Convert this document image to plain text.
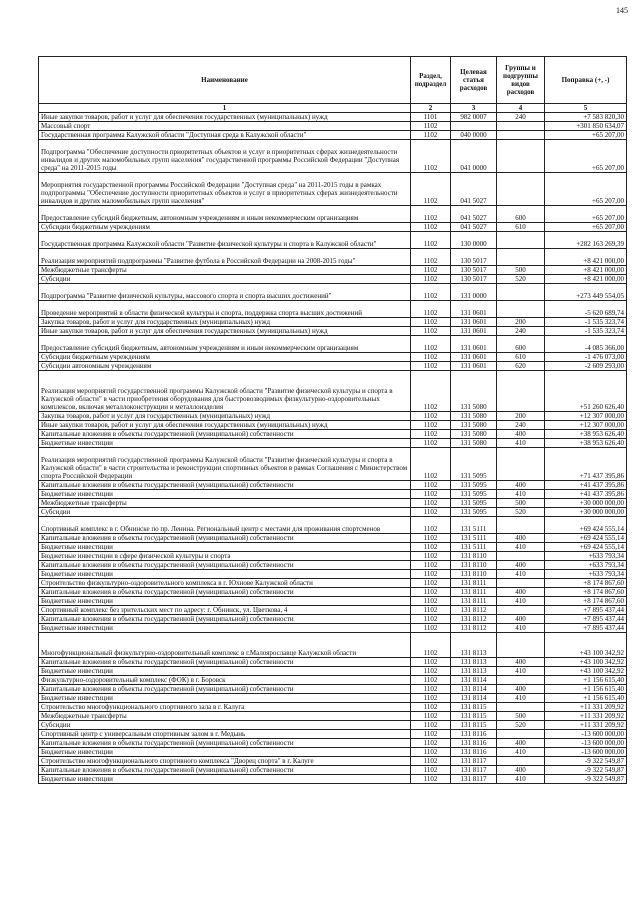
145
Наименование	Раздел, подраздел	Целевая статья расходов	Группы и подгруппы видов расходов	Поправка (+, -)
1	2	3	4	5
Иные закупки товаров, работ и услуг для обеспечения государственных (муниципальных) нужд	1101	982 0007	240	+7 583 820,30
Массовый спорт	1102			+301 850 634,07
Государственная программа Калужской области "Доступная среда в Калужской области"	1102	040 0000		+65 207,00
Подпрограмма "Обеспечение доступности приоритетных объектов и услуг в приоритетных сферах жизнедеятельности инвалидов и других маломобильных групп населения" государственной программы Российской Федерации "Доступная среда" на 2011-2015 годы	1102	041 0000		+65 207,00
Мероприятия государственной программы Российской Федерации "Доступная среда" на 2011-2015 годы в рамках подпрограммы "Обеспечение доступности приоритетных объектов и услуг в приоритетных сферах жизнедеятельности инвалидов и других маломобильных групп населения"	1102	041 5027		+65 207,00
Предоставление субсидий бюджетным, автономным учреждениям и иным некоммерческим организациям	1102	041 5027	600	+65 207,00
Субсидии бюджетным учреждениям	1102	041 5027	610	+65 207,00
Государственная программа Калужской области "Развитие физической культуры и спорта в Калужской области"	1102	130 0000		+282 163 269,39
Реализация мероприятий подпрограммы "Развитие футбола в Российской Федерации на 2008-2015 годы"	1102	130 5017		+8 421 000,00
Межбюджетные трансферты	1102	130 5017	500	+8 421 000,00
Субсидии	1102	130 5017	520	+8 421 000,00
Подпрограмма "Развитие физической культуры, массового спорта и спорта высших достижений"	1102	131 0000		+273 449 554,05
Проведение мероприятий в области физической культуры и спорта, поддержка спорта высших достижений	1102	131 0601		-5 620 689,74
Закупка товаров, работ и услуг для государственных (муниципальных) нужд	1102	131 0601	200	-1 535 323,74
Иные закупки товаров, работ и услуг для обеспечения государственных (муниципальных) нужд	1102	131 0601	240	-1 535 323,74
Предоставление субсидий бюджетным, автономным учреждениям и иным некоммерческим организациям	1102	131 0601	600	-4 085 366,00
Субсидии бюджетным учреждениям	1102	131 0601	610	-1 476 073,00
Субсидии автономным учреждениям	1102	131 0601	620	-2 609 293,00
Реализация мероприятий государственной программы Калужской области "Развитие физической культуры и спорта в Калужской области" в части приобретения оборудования для быстровозводимых физкультурно-оздоровительных комплексов, включая металлоконструкции и металлоизделия	1102	131 5080		+51 260 626,40
Закупка товаров, работ и услуг для государственных (муниципальных) нужд	1102	131 5080	200	+12 307 000,00
Иные закупки товаров, работ и услуг для обеспечения государственных (муниципальных) нужд	1102	131 5080	240	+12 307 000,00
Капитальные вложения в объекты государственной (муниципальной) собственности	1102	131 5080	400	+38 953 626,40
Бюджетные инвестиции	1102	131 5080	410	+38 953 626,40
Реализация мероприятий государственной программы Калужской области "Развитие физической культуры и спорта в Калужской области" в части строительства и реконструкции спортивных объектов в рамках Соглашения с Министерством спорта Российской Федерации	1102	131 5095		+71 437 395,86
Капитальные вложения в объекты государственной (муниципальной) собственности	1102	131 5095	400	+41 437 395,86
Бюджетные инвестиции	1102	131 5095	410	+41 437 395,86
Межбюджетные трансферты	1102	131 5095	500	+30 000 000,00
Субсидии	1102	131 5095	520	+30 000 000,00
Спортивный комплекс в г. Обнинске по пр. Ленина. Региональный центр с местами для проживания спортсменов	1102	131 5111		+69 424 555,14
Капитальные вложения в объекты государственной (муниципальной) собственности	1102	131 5111	400	+69 424 555,14
Бюджетные инвестиции	1102	131 5111	410	+69 424 555,14
Бюджетные инвестиции в сфере физической культуры и спорта	1102	131 8110		+633 793,34
Капитальные вложения в объекты государственной (муниципальной) собственности	1102	131 8110	400	+633 793,34
Бюджетные инвестиции	1102	131 8110	410	+633 793,34
Строительство физкультурно-оздоровительного комплекса в г. Юхнове Калужской области	1102	131 8111		+8 174 867,60
Капитальные вложения в объекты государственной (муниципальной) собственности	1102	131 8111	400	+8 174 867,60
Бюджетные инвестиции	1102	131 8111	410	+8 174 867,60
Спортивный комплекс без зрительских мест по адресу: г. Обнинск, ул. Цветкова, 4	1102	131 8112		+7 895 437,44
Капитальные вложения в объекты государственной (муниципальной) собственности	1102	131 8112	400	+7 895 437,44
Бюджетные инвестиции	1102	131 8112	410	+7 895 437,44
Многофункциональный физкультурно-оздоровительный комплекс в г.Малоярославце Калужской области	1102	131 8113		+43 100 342,92
Капитальные вложения в объекты государственной (муниципальной) собственности	1102	131 8113	400	+43 100 342,92
Бюджетные инвестиции	1102	131 8113	410	+43 100 342,92
Физкультурно-оздоровительный комплекс (ФОК) в г. Боровск	1102	131 8114		+1 156 615,40
Капитальные вложения в объекты государственной (муниципальной) собственности	1102	131 8114	400	+1 156 615,40
Бюджетные инвестиции	1102	131 8114	410	+1 156 615,40
Строительство многофункционального спортивного зала в г. Калуга	1102	131 8115		+11 331 209,92
Межбюджетные трансферты	1102	131 8115	500	+11 331 209,92
Субсидии	1102	131 8115	520	+11 331 209,92
Спортивный центр с универсальным спортивным залом в г. Медынь	1102	131 8116		-13 600 000,00
Капитальные вложения в объекты государственной (муниципальной) собственности	1102	131 8116	400	-13 600 000,00
Бюджетные инвестиции	1102	131 8116	410	-13 600 000,00
Строительство многофункционального спортивного комплекса "Дворец спорта" в г. Калуге	1102	131 8117		-9 322 549,87
Капитальные вложения в объекты государственной (муниципальной) собственности	1102	131 8117	400	-9 322 549,87
Бюджетные инвестиции	1102	131 8117	410	-9 322 549,87
